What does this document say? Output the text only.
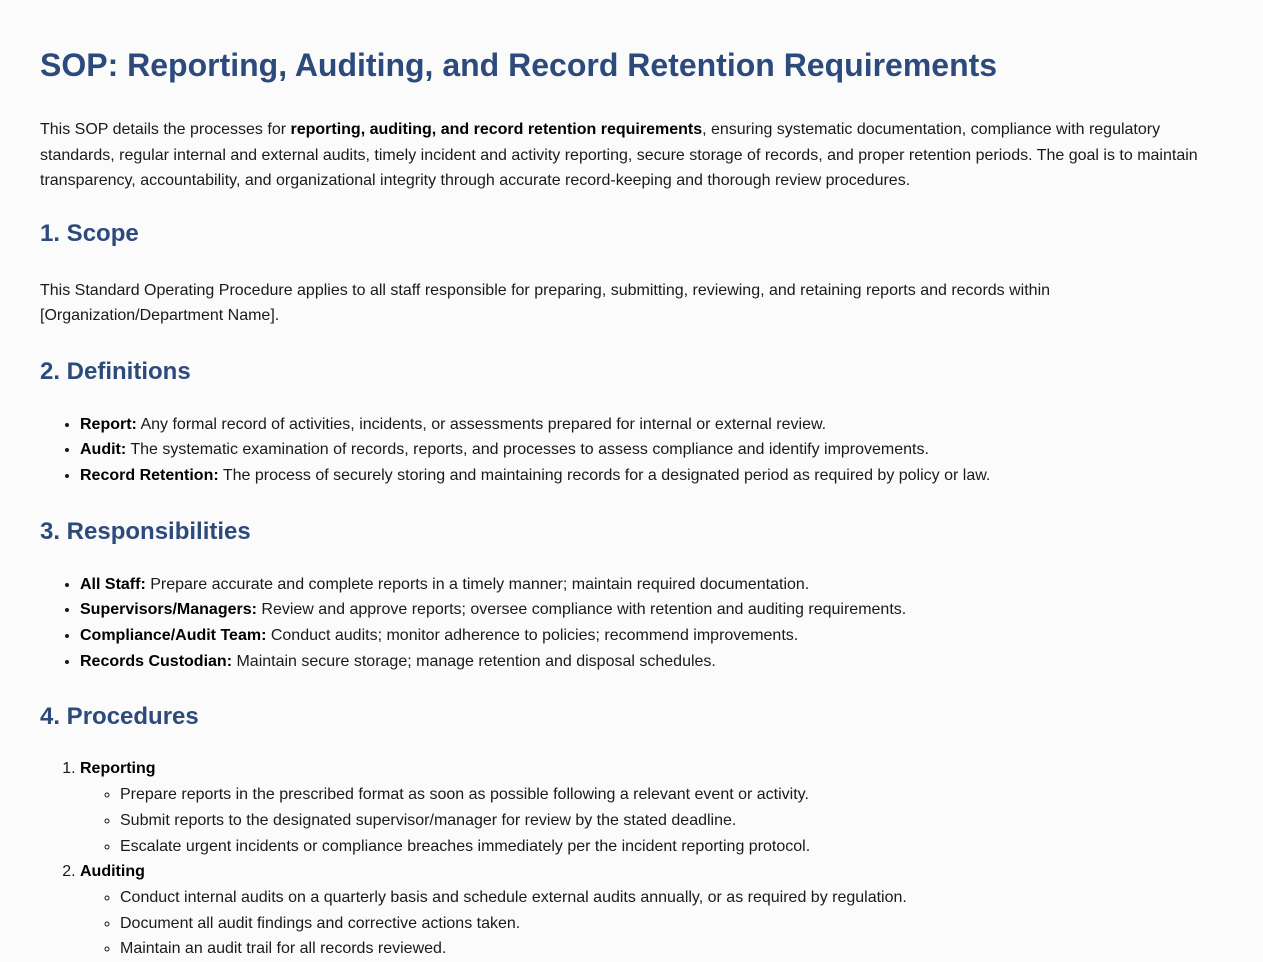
SOP: Reporting, Auditing, and Record Retention Requirements

This SOP details the processes for reporting, auditing, and record retention requirements, ensuring systematic documentation, compliance with regulatory standards, regular internal and external audits, timely incident and activity reporting, secure storage of records, and proper retention periods. The goal is to maintain transparency, accountability, and organizational integrity through accurate record-keeping and thorough review procedures.

1. Scope

This Standard Operating Procedure applies to all staff responsible for preparing, submitting, reviewing, and retaining reports and records within [Organization/Department Name].

2. Definitions
• Report: Any formal record of activities, incidents, or assessments prepared for internal or external review.
• Audit: The systematic examination of records, reports, and processes to assess compliance and identify improvements.
• Record Retention: The process of securely storing and maintaining records for a designated period as required by policy or law.
3. Responsibilities
• All Staff: Prepare accurate and complete reports in a timely manner; maintain required documentation.
• Supervisors/Managers: Review and approve reports; oversee compliance with retention and auditing requirements.
• Compliance/Audit Team: Conduct audits; monitor adherence to policies; recommend improvements.
• Records Custodian: Maintain secure storage; manage retention and disposal schedules.
4. Procedures
1. Reporting
◦ Prepare reports in the prescribed format as soon as possible following a relevant event or activity.
◦ Submit reports to the designated supervisor/manager for review by the stated deadline.
◦ Escalate urgent incidents or compliance breaches immediately per the incident reporting protocol.
2. Auditing
◦ Conduct internal audits on a quarterly basis and schedule external audits annually, or as required by regulation.
◦ Document all audit findings and corrective actions taken.
◦ Maintain an audit trail for all records reviewed.
